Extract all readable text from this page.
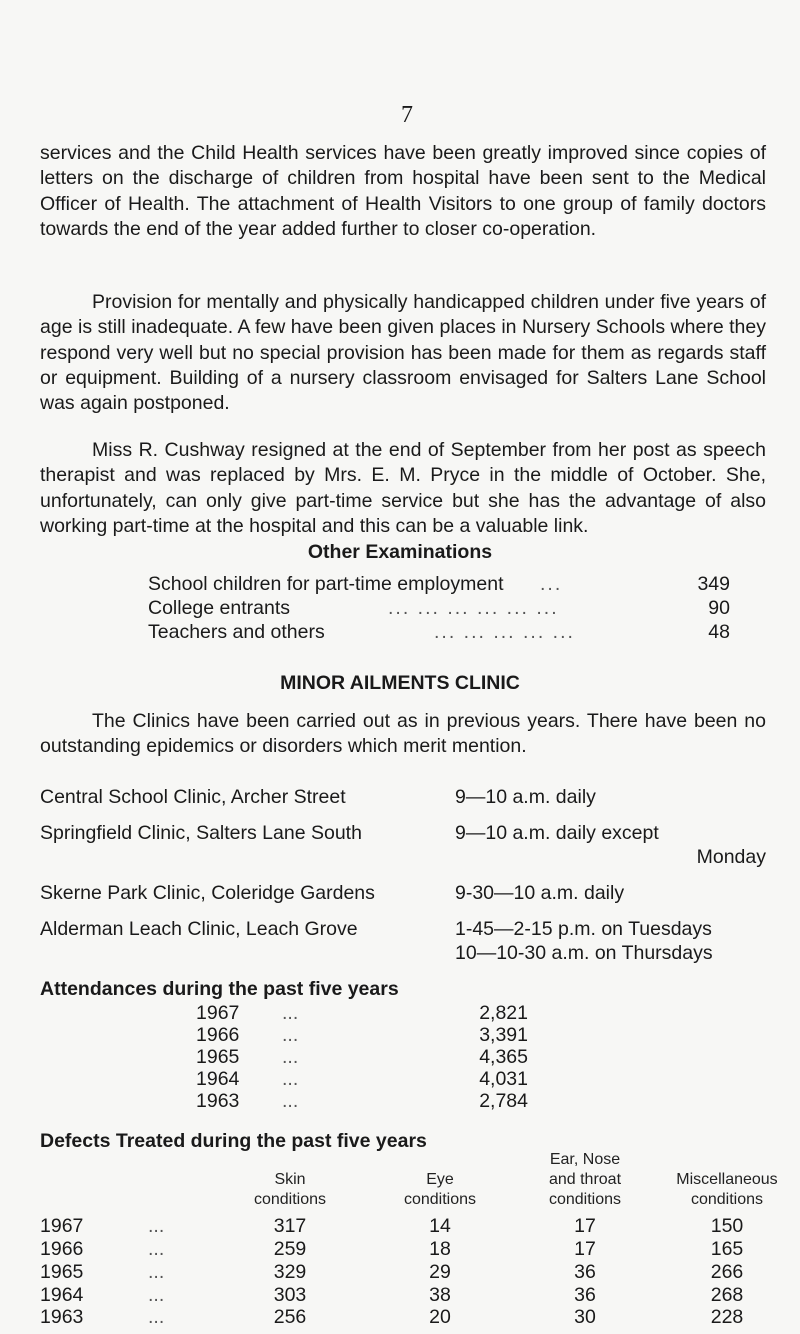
7

services and the Child Health services have been greatly improved since copies of letters on the discharge of children from hospital have been sent to the Medical Officer of Health. The attachment of Health Visitors to one group of family doctors towards the end of the year added further to closer co-operation.

Provision for mentally and physically handicapped children under five years of age is still inadequate. A few have been given places in Nursery Schools where they respond very well but no special provision has been made for them as regards staff or equipment. Building of a nursery classroom envisaged for Salters Lane School was again postponed.

Miss R. Cushway resigned at the end of September from her post as speech therapist and was replaced by Mrs. E. M. Pryce in the middle of October. She, unfortunately, can only give part-time service but she has the advantage of also working part-time at the hospital and this can be a valuable link.

Other Examinations
School children for part-time employment ...	349
College entrants	... ... ... ... ... ...	90
Teachers and others	... ... ... ... ...	48
MINOR AILMENTS CLINIC

The Clinics have been carried out as in previous years. There have been no outstanding epidemics or disorders which merit mention.

Central School Clinic, Archer Street	9—10 a.m. daily
Springfield Clinic, Salters Lane South	9—10 a.m. daily except
Monday
Skerne Park Clinic, Coleridge Gardens	9-30—10 a.m. daily
Alderman Leach Clinic, Leach Grove	1-45—2-15 p.m. on Tuesdays
10—10-30 a.m. on Thursdays
Attendances during the past five years
1967 ...	2,821
1966 ...	3,391
1965 ...	4,365
1964 ...	4,031
1963 ...	2,784
Defects Treated during the past five years

Skin
conditions

Eye
conditions
Ear, Nose
and throat
conditions

Miscellaneous
conditions
1967	...	317	14	17	150
1966	...	259	18	17	165
1965	...	329	29	36	266
1964	...	303	38	36	268
1963	...	256	20	30	228
